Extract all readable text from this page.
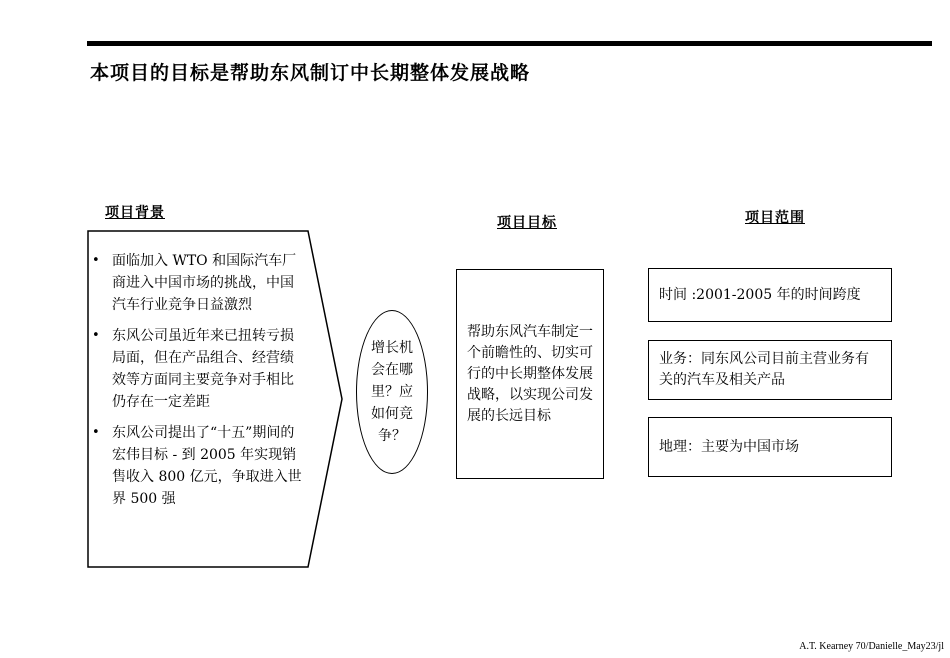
本项目的目标是帮助东风制订中长期整体发展战略
项目背景
• 面临加入 WTO 和国际汽车厂商进入中国市场的挑战，中国汽车行业竞争日益激烈
• 东风公司虽近年来已扭转亏损局面，但在产品组合、经营绩效等方面同主要竞争对手相比仍存在一定差距
• 东风公司提出了“十五”期间的宏伟目标 - 到 2005 年实现销售收入 800 亿元，争取进入世界 500 强
增长机会在哪里？应如何竞争？
项目目标
帮助东风汽车制定一个前瞻性的、切实可行的中长期整体发展战略，以实现公司发展的长远目标
项目范围
时间 :2001-2005 年的时间跨度
业务：同东风公司目前主营业务有关的汽车及相关产品
地理：主要为中国市场
A.T. Kearney 70/Danielle_May23/jl
